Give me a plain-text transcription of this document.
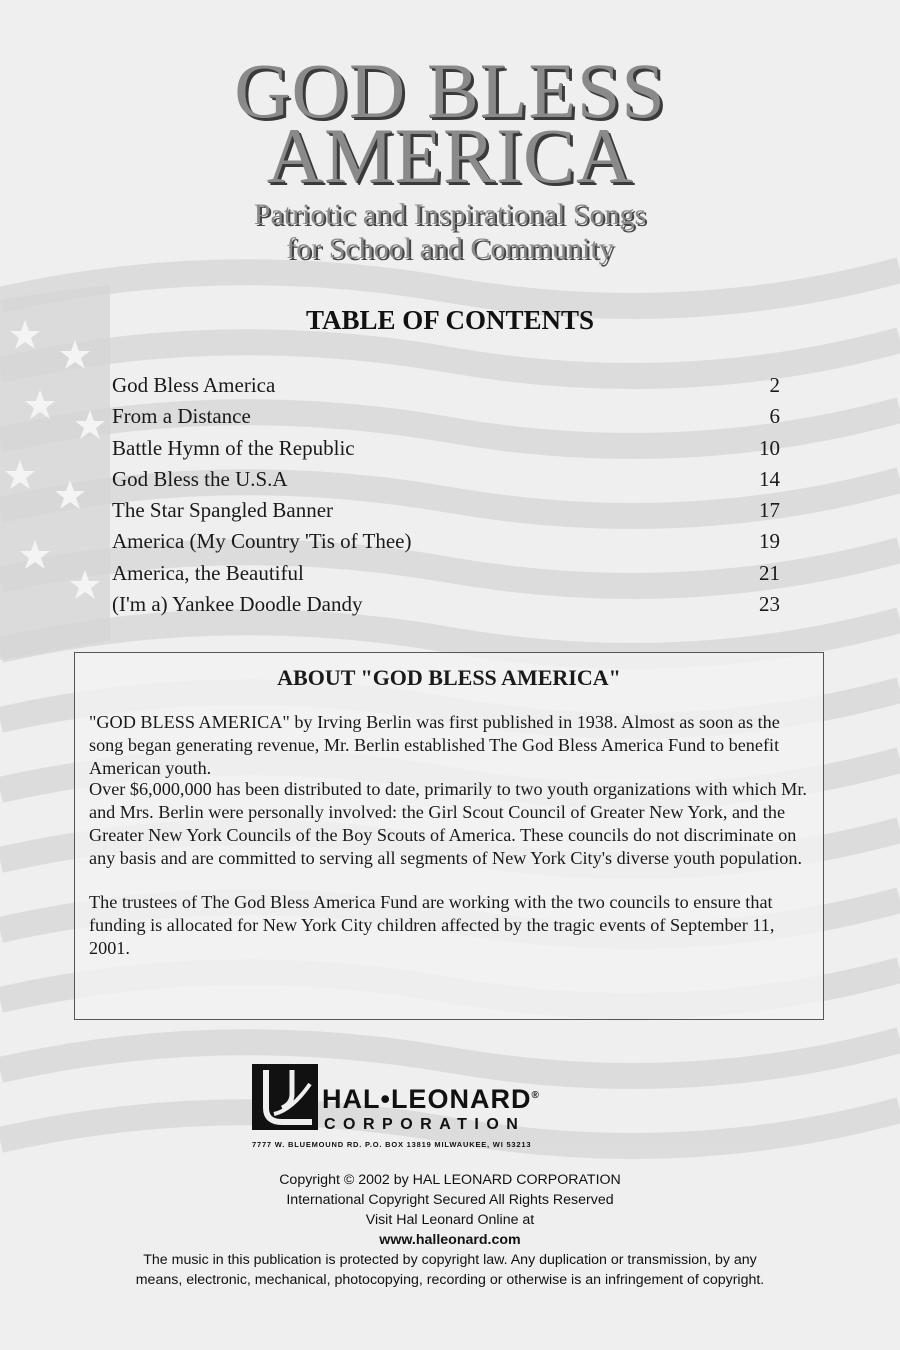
GOD BLESS
AMERICA
Patriotic and Inspirational Songs
for School and Community
TABLE OF CONTENTS
God Bless America	2
From a Distance	6
Battle Hymn of the Republic	10
God Bless the U.S.A	14
The Star Spangled Banner	17
America (My Country 'Tis of Thee)	19
America, the Beautiful	21
(I'm a) Yankee Doodle Dandy	23
ABOUT "GOD BLESS AMERICA"

"GOD BLESS AMERICA" by Irving Berlin was first published in 1938. Almost as soon as the song began generating revenue, Mr. Berlin established The God Bless America Fund to benefit American youth.

Over $6,000,000 has been distributed to date, primarily to two youth organizations with which Mr. and Mrs. Berlin were personally involved: the Girl Scout Council of Greater New York, and the Greater New York Councils of the Boy Scouts of America. These councils do not discriminate on any basis and are committed to serving all segments of New York City's diverse youth population.

The trustees of The God Bless America Fund are working with the two councils to ensure that funding is allocated for New York City children affected by the tragic events of September 11, 2001.

HAL•LEONARD®
CORPORATION
7777 W. BLUEMOUND RD. P.O. BOX 13819 MILWAUKEE, WI 53213
Copyright © 2002 by HAL LEONARD CORPORATION
International Copyright Secured All Rights Reserved
Visit Hal Leonard Online at
www.halleonard.com
The music in this publication is protected by copyright law. Any duplication or transmission, by any
means, electronic, mechanical, photocopying, recording or otherwise is an infringement of copyright.
